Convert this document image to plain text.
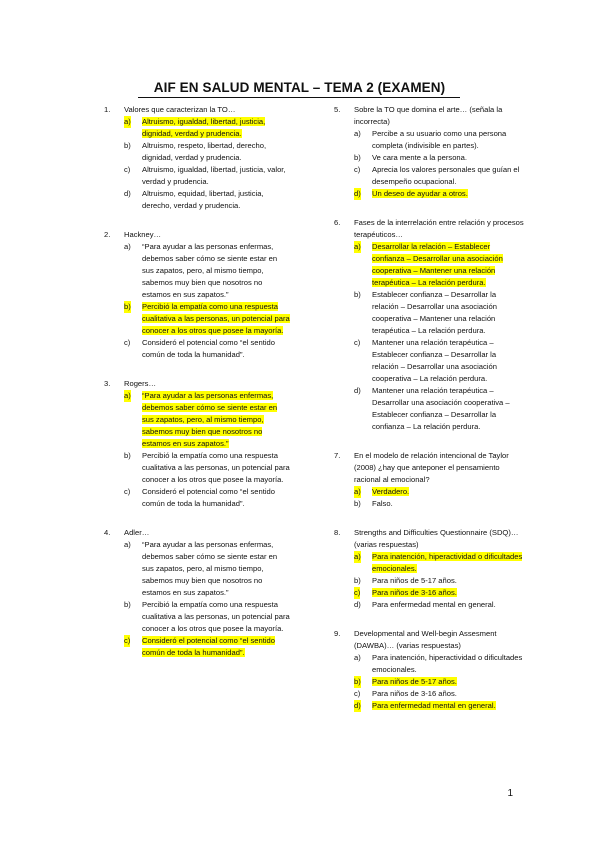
AIF EN SALUD MENTAL – TEMA 2 (EXAMEN)
1. Valores que caracterizan la TO…
a) Altruismo, igualdad, libertad, justicia, dignidad, verdad y prudencia.
b) Altruismo, respeto, libertad, derecho, dignidad, verdad y prudencia.
c) Altruismo, igualdad, libertad, justicia, valor, verdad y prudencia.
d) Altruismo, equidad, libertad, justicia, derecho, verdad y prudencia.
2. Hackney…
a) “Para ayudar a las personas enfermas, debemos saber cómo se siente estar en sus zapatos, pero, al mismo tiempo, sabemos muy bien que nosotros no estamos en sus zapatos.”
b) Percibió la empatía como una respuesta cualitativa a las personas, un potencial para conocer a los otros que posee la mayoría.
c) Consideró el potencial como “el sentido común de toda la humanidad”.
3. Rogers…
a) “Para ayudar a las personas enfermas, debemos saber cómo se siente estar en sus zapatos, pero, al mismo tiempo, sabemos muy bien que nosotros no estamos en sus zapatos.”
b) Percibió la empatía como una respuesta cualitativa a las personas, un potencial para conocer a los otros que posee la mayoría.
c) Consideró el potencial como “el sentido común de toda la humanidad”.
4. Adler…
a) “Para ayudar a las personas enfermas, debemos saber cómo se siente estar en sus zapatos, pero, al mismo tiempo, sabemos muy bien que nosotros no estamos en sus zapatos.”
b) Percibió la empatía como una respuesta cualitativa a las personas, un potencial para conocer a los otros que posee la mayoría.
c) Consideró el potencial como “el sentido común de toda la humanidad”.
5. Sobre la TO que domina el arte… (señala la incorrecta)
a) Percibe a su usuario como una persona completa (indivisible en partes).
b) Ve cara mente a la persona.
c) Aprecia los valores personales que guían el desempeño ocupacional.
d) Un deseo de ayudar a otros.
6. Fases de la interrelación entre relación y procesos terapéuticos…
a) Desarrollar la relación – Establecer confianza – Desarrollar una asociación cooperativa – Mantener una relación terapéutica – La relación perdura.
b) Establecer confianza – Desarrollar la relación – Desarrollar una asociación cooperativa – Mantener una relación terapéutica – La relación perdura.
c) Mantener una relación terapéutica – Establecer confianza – Desarrollar la relación – Desarrollar una asociación cooperativa – La relación perdura.
d) Mantener una relación terapéutica – Desarrollar una asociación cooperativa – Establecer confianza – Desarrollar la confianza – La relación perdura.
7. En el modelo de relación intencional de Taylor (2008) ¿hay que anteponer el pensamiento racional al emocional?
a) Verdadero.
b) Falso.
8. Strengths and Difficulties Questionnaire (SDQ)… (varias respuestas)
a) Para inatención, hiperactividad o dificultades emocionales.
b) Para niños de 5-17 años.
c) Para niños de 3-16 años.
d) Para enfermedad mental en general.
9. Developmental and Well-begin Assesment (DAWBA)… (varias respuestas)
a) Para inatención, hiperactividad o dificultades emocionales.
b) Para niños de 5-17 años.
c) Para niños de 3-16 años.
d) Para enfermedad mental en general.
1
